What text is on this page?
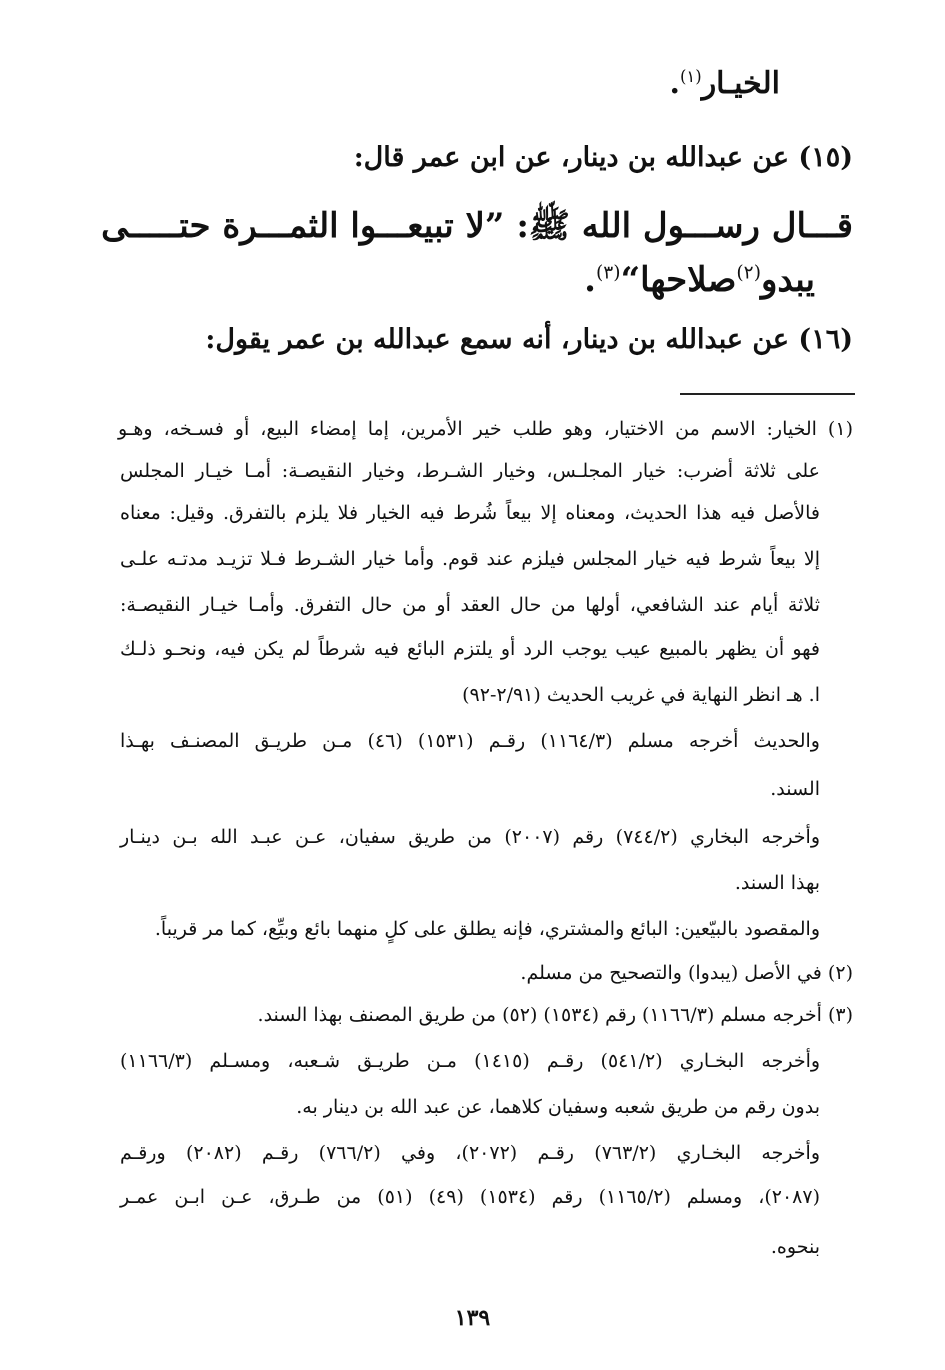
الخيـار$^{(١)}$.
(١٥) عن عبدالله بن دينار، عن ابن عمر قال:
قـــال رســـول الله ﷺ: ”لا تبيعـــوا الثمـــرة حتـــــى
يبدو$^{(٢)}$صلاحها“$^{(٣)}$.
(١٦) عن عبدالله بن دينار، أنه سمع عبدالله بن عمر يقول:
(١) الخيار: الاسم من الاختيار، وهو طلب خير الأمرين، إما إمضاء البيع، أو فسـخه، وهـو
على ثلاثة أضرب: خيار المجلـس، وخيار الشـرط، وخيار النقيصـة: أمـا خيـار المجلس
فالأصل فيه هذا الحديث، ومعناه إلا بيعاً شُرط فيه الخيار فلا يلزم بالتفرق. وقيل: معناه
إلا بيعاً شرط فيه خيار المجلس فيلزم عند قوم. وأما خيار الشـرط فـلا تزيـد مدتـه علـى
ثلاثة أيام عند الشافعي، أولها من حال العقد أو من حال التفرق. وأمـا خيـار النقيصـة:
فهو أن يظهر بالمبيع عيب يوجب الرد أو يلتزم البائع فيه شرطاً لم يكن فيه، ونحـو ذلـك
ا. هـ انظر النهاية في غريب الحديث (٢/٩١-٩٢)
والحديث أخرجه مسلم (١١٦٤/٣) رقـم (١٥٣١) (٤٦) مـن طريـق المصنـف بهـذا
السند.
وأخرجه البخاري (٧٤٤/٢) رقم (٢٠٠٧) من طريق سفيان، عـن عبـد الله بـن دينـار
بهذا السند.
والمقصود بالبيّعين: البائع والمشتري، فإنه يطلق على كلٍ منهما بائع وبيِّع، كما مر قريباً.
(٢) في الأصل (يبدوا) والتصحيح من مسلم.
(٣) أخرجه مسلم (١١٦٦/٣) رقم (١٥٣٤) (٥٢) من طريق المصنف بهذا السند.
وأخرجه البخـاري (٥٤١/٢) رقـم (١٤١٥) مـن طريـق شـعبه، ومسـلم (١١٦٦/٣)
بدون رقم من طريق شعبه وسفيان كلاهما، عن عبد الله بن دينار به.
وأخرجه البخـاري (٧٦٣/٢) رقـم (٢٠٧٢)، وفي (٧٦٦/٢) رقـم (٢٠٨٢) ورقـم
(٢٠٨٧)، ومسلم (١١٦٥/٢) رقم (١٥٣٤) (٤٩) (٥١) من طـرق، عـن ابـن عمـر
بنحوه.
١٣٩
